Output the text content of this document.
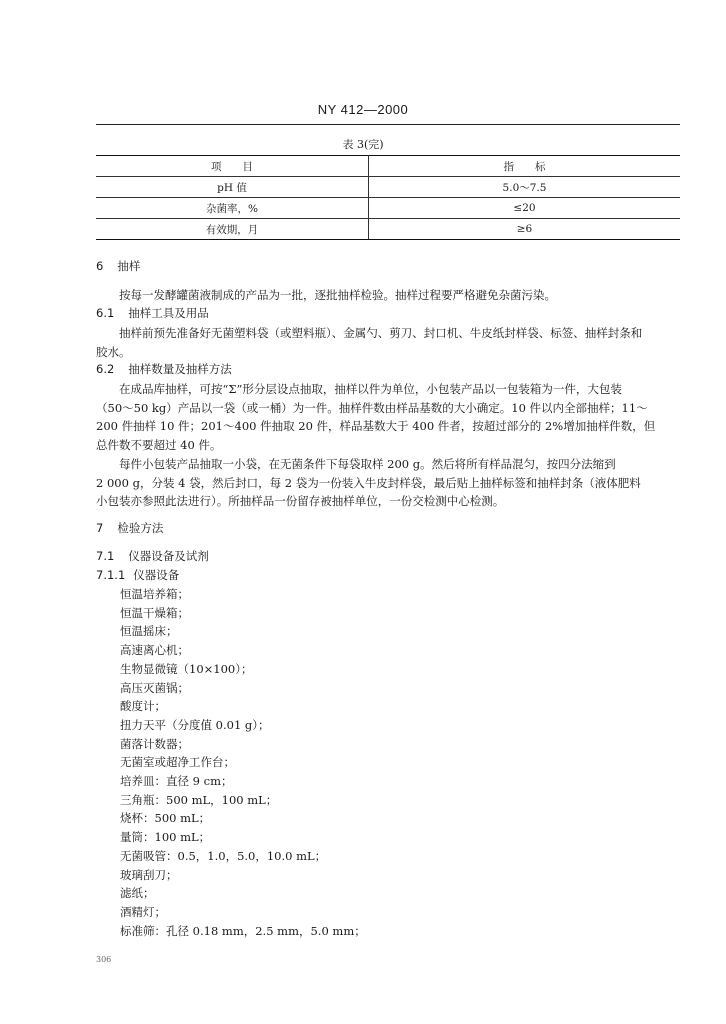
NY 412—2000
表 3(完)
项　　目	指　　标
pH 值	5.0～7.5
杂菌率，%	≤20
有效期，月	≥6
6 抽样
按每一发酵罐菌液制成的产品为一批，逐批抽样检验。抽样过程要严格避免杂菌污染。
6.1 抽样工具及用品
抽样前预先准备好无菌塑料袋（或塑料瓶）、金属勺、剪刀、封口机、牛皮纸封样袋、标签、抽样封条和
胶水。
6.2 抽样数量及抽样方法
在成品库抽样，可按“Σ”形分层设点抽取，抽样以件为单位，小包装产品以一包装箱为一件，大包装
（50～50 kg）产品以一袋（或一桶）为一件。抽样件数由样品基数的大小确定。10 件以内全部抽样；11～
200 件抽样 10 件；201～400 件抽取 20 件，样品基数大于 400 件者，按超过部分的 2%增加抽样件数，但
总件数不要超过 40 件。
每件小包装产品抽取一小袋，在无菌条件下每袋取样 200 g。然后将所有样品混匀，按四分法缩到
2 000 g，分装 4 袋，然后封口，每 2 袋为一份装入牛皮封样袋，最后贴上抽样标签和抽样封条（液体肥料
小包装亦参照此法进行）。所抽样品一份留存被抽样单位，一份交检测中心检测。
7 检验方法
7.1 仪器设备及试剂
7.1.1 仪器设备
恒温培养箱；
恒温干燥箱；
恒温摇床；
高速离心机；
生物显微镜（10×100）；
高压灭菌锅；
酸度计；
扭力天平（分度值 0.01 g）；
菌落计数器；
无菌室或超净工作台；
培养皿：直径 9 cm；
三角瓶：500 mL，100 mL；
烧杯：500 mL；
量筒：100 mL；
无菌吸管：0.5，1.0，5.0，10.0 mL；
玻璃刮刀；
滤纸；
酒精灯；
标准筛：孔径 0.18 mm，2.5 mm，5.0 mm；
306
